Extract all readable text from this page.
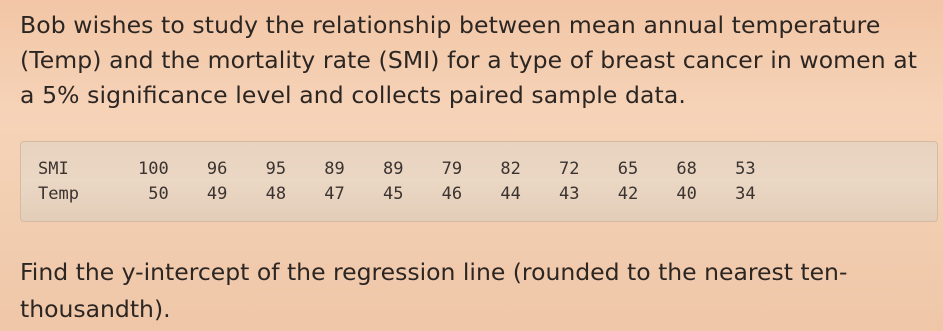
Bob wishes to study the relationship between mean annual temperature (Temp) and the mortality rate (SMI) for a type of breast cancer in women at a 5% signiﬁcance level and collects paired sample data.

SMI	100	96	95	89	89	79	82	72	65	68	53
Temp	50	49	48	47	45	46	44	43	42	40	34

Find the y-intercept of the regression line (rounded to the nearest ten-thousandth).
